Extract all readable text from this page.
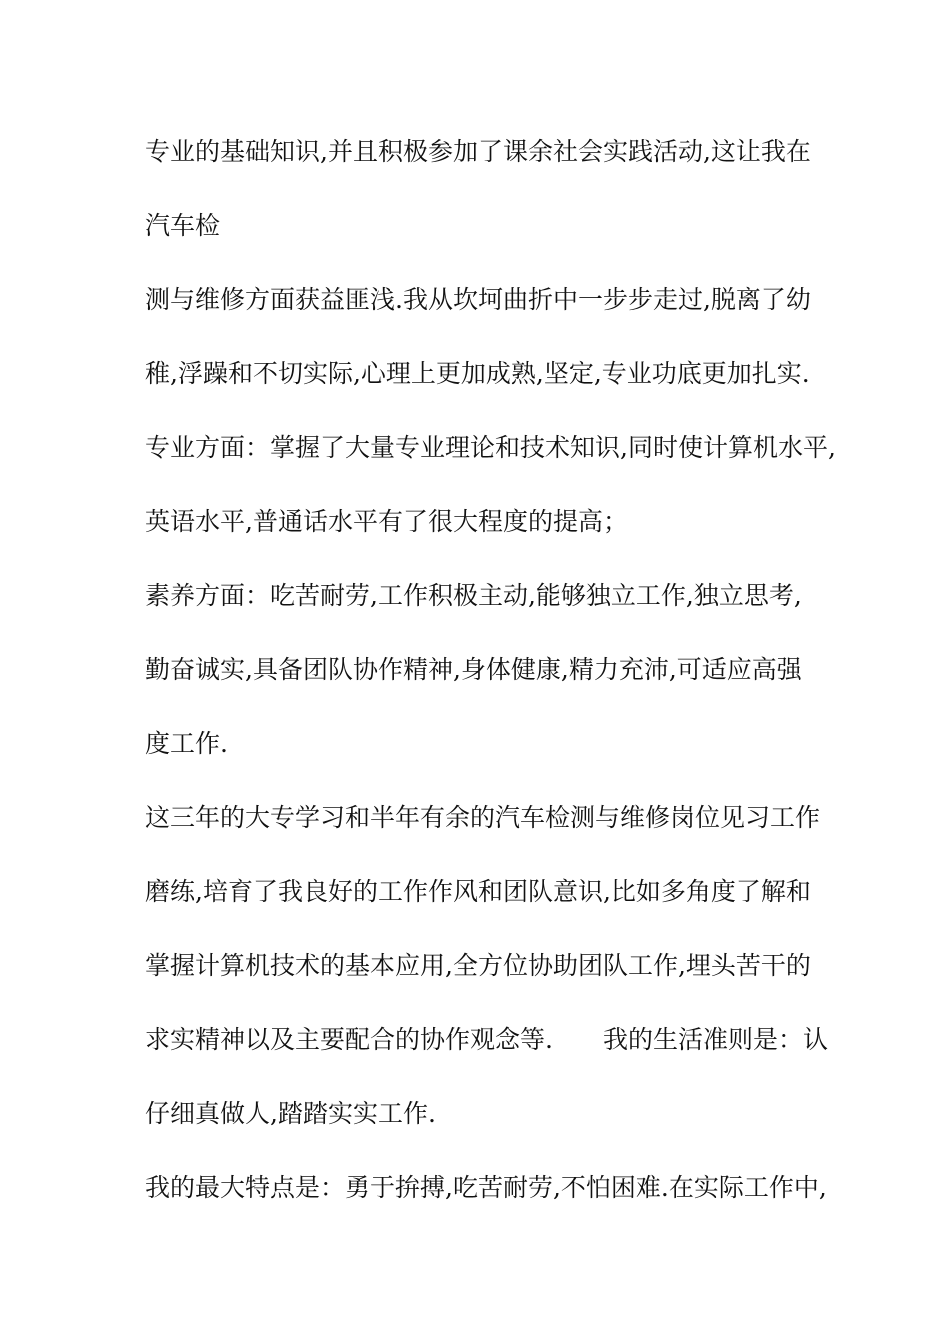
专业的基础知识,并且积极参加了课余社会实践活动,这让我在

汽车检

测与维修方面获益匪浅.我从坎坷曲折中一步步走过,脱离了幼

稚,浮躁和不切实际,心理上更加成熟,坚定,专业功底更加扎实.

专业方面：掌握了大量专业理论和技术知识,同时使计算机水平,

英语水平,普通话水平有了很大程度的提高；

素养方面：吃苦耐劳,工作积极主动,能够独立工作,独立思考,

勤奋诚实,具备团队协作精神,身体健康,精力充沛,可适应高强

度工作.

这三年的大专学习和半年有余的汽车检测与维修岗位见习工作

磨练,培育了我良好的工作作风和团队意识,比如多角度了解和

掌握计算机技术的基本应用,全方位协助团队工作,埋头苦干的

求实精神以及主要配合的协作观念等.　　我的生活准则是：认

仔细真做人,踏踏实实工作.

我的最大特点是：勇于拚搏,吃苦耐劳,不怕困难.在实际工作中,
